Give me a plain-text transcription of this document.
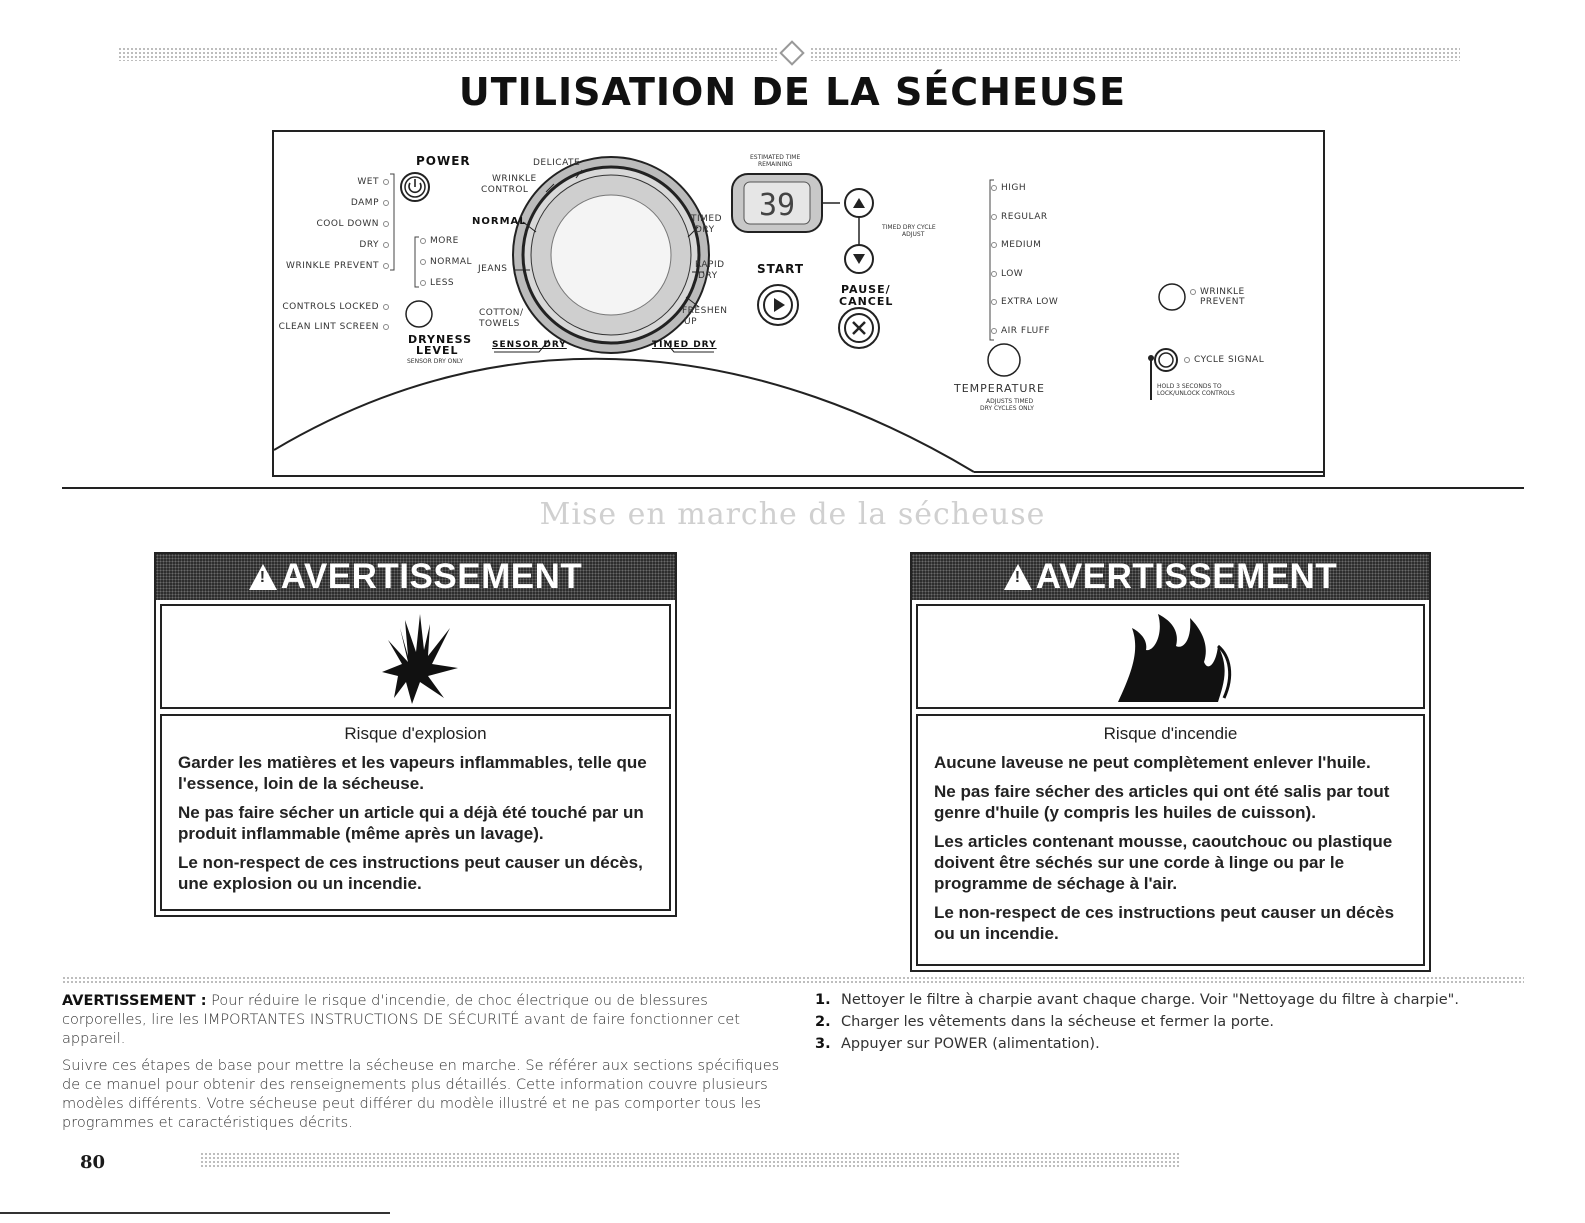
UTILISATION DE LA SÉCHEUSE
39
WET
DAMP
COOL DOWN
DRY
WRINKLE PREVENT
CONTROLS LOCKED
CLEAN LINT SCREEN
POWER
MORE
NORMAL
LESS
DRYNESS
LEVEL
SENSOR DRY ONLY
DELICATE
WRINKLE
CONTROL
NORMAL
JEANS
COTTON/
TOWELS
TIMED
DRY
RAPID
DRY
FRESHEN
UP
SENSOR DRY	TIMED DRY
ESTIMATED TIME
REMAINING
TIMED DRY CYCLE
ADJUST
START
PAUSE/
CANCEL
HIGH
REGULAR
MEDIUM
LOW
EXTRA LOW
AIR FLUFF
TEMPERATURE
ADJUSTS TIMED
DRY CYCLES ONLY
WRINKLE
PREVENT
CYCLE SIGNAL
HOLD 3 SECONDS TO
LOCK/UNLOCK CONTROLS
Mise en marche de la sécheuse
!AVERTISSEMENT
Risque d'explosion
Garder les matières et les vapeurs inflammables, telle que l'essence, loin de la sécheuse.
Ne pas faire sécher un article qui a déjà été touché par un produit inflammable (même après un lavage).
Le non-respect de ces instructions peut causer un décès, une explosion ou un incendie.
!AVERTISSEMENT
Risque d'incendie
Aucune laveuse ne peut complètement enlever l'huile.
Ne pas faire sécher des articles qui ont été salis par tout genre d'huile (y compris les huiles de cuisson).
Les articles contenant mousse, caoutchouc ou plastique doivent être séchés sur une corde à linge ou par le programme de séchage à l'air.
Le non-respect de ces instructions peut causer un décès ou un incendie.
AVERTISSEMENT : Pour réduire le risque d'incendie, de choc électrique ou de blessures corporelles, lire les IMPORTANTES INSTRUCTIONS DE SÉCURITÉ avant de faire fonctionner cet appareil.
Suivre ces étapes de base pour mettre la sécheuse en marche. Se référer aux sections spécifiques de ce manuel pour obtenir des renseignements plus détaillés. Cette information couvre plusieurs modèles différents. Votre sécheuse peut différer du modèle illustré et ne pas comporter tous les programmes et caractéristiques décrits.
1. Nettoyer le filtre à charpie avant chaque charge. Voir "Nettoyage du filtre à charpie".
2. Charger les vêtements dans la sécheuse et fermer la porte.
3. Appuyer sur POWER (alimentation).
80
